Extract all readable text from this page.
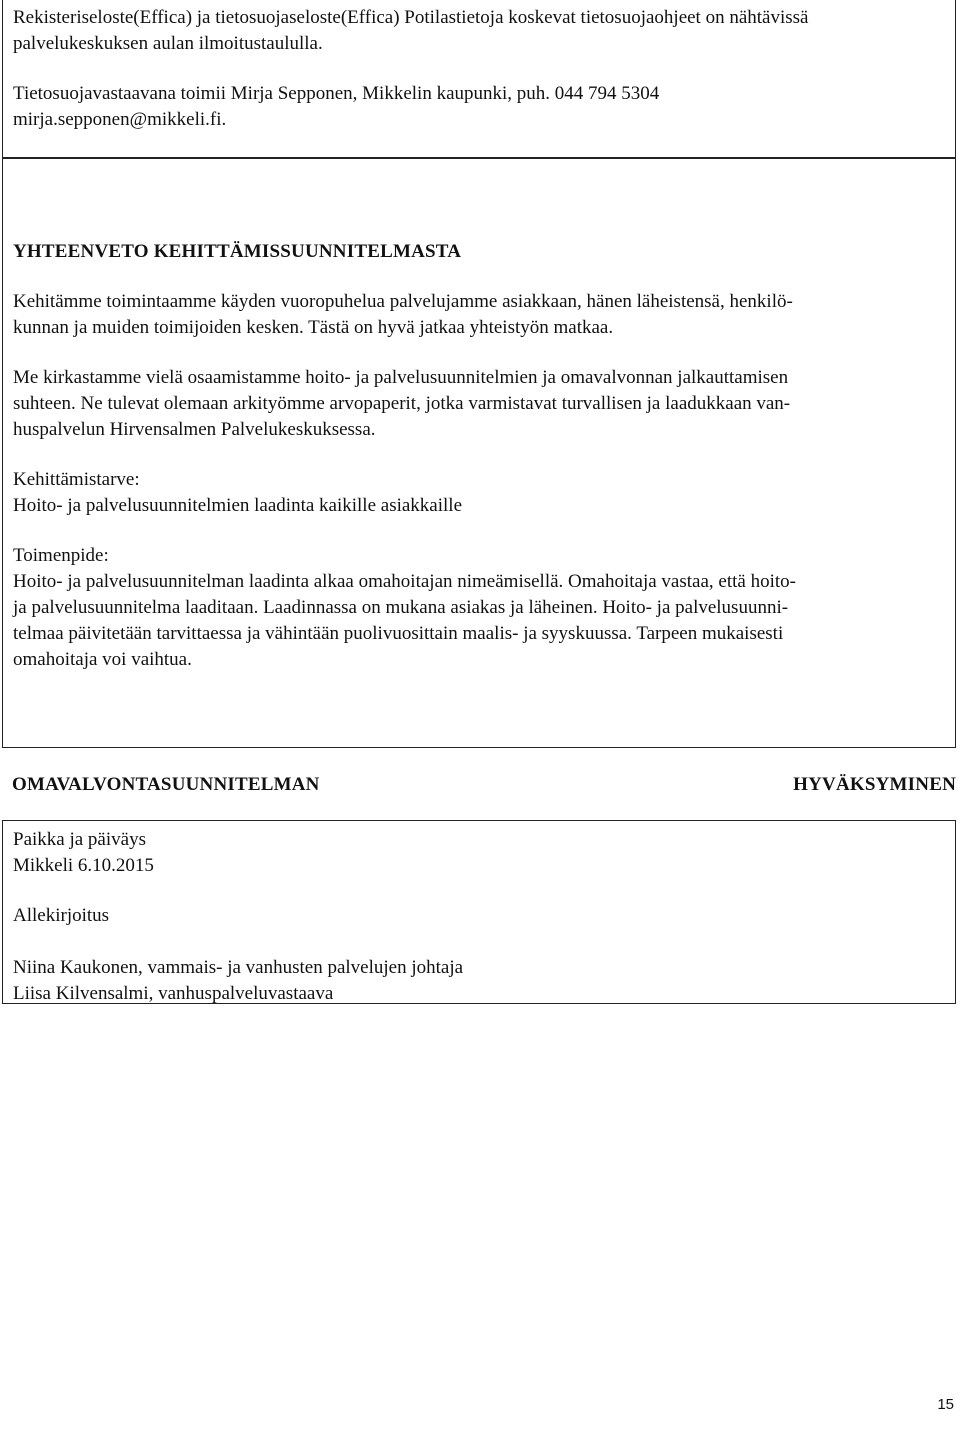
Rekisteriseloste(Effica) ja tietosuojaseloste(Effica) Potilastietoja koskevat tietosuojaohjeet on nähtävissä
palvelukeskuksen aulan ilmoitustaululla.
Tietosuojavastaavana toimii Mirja Sepponen, Mikkelin kaupunki, puh. 044 794 5304
mirja.sepponen@mikkeli.fi.
YHTEENVETO KEHITTÄMISSUUNNITELMASTA
Kehitämme toimintaamme käyden vuoropuhelua palvelujamme asiakkaan, hänen läheistensä, henkilö-
kunnan ja muiden toimijoiden kesken. Tästä on hyvä jatkaa yhteistyön matkaa.
Me kirkastamme vielä osaamistamme hoito- ja palvelusuunnitelmien ja omavalvonnan jalkauttamisen
suhteen. Ne tulevat olemaan arkityömme arvopaperit, jotka varmistavat turvallisen ja laadukkaan van-
huspalvelun Hirvensalmen Palvelukeskuksessa.
Kehittämistarve:
Hoito- ja palvelusuunnitelmien laadinta kaikille asiakkaille
Toimenpide:
Hoito- ja palvelusuunnitelman laadinta alkaa omahoitajan nimeämisellä. Omahoitaja vastaa, että hoito-
ja palvelusuunnitelma laaditaan. Laadinnassa on mukana asiakas ja läheinen. Hoito- ja palvelusuunni-
telmaa päivitetään tarvittaessa ja vähintään puolivuosittain maalis- ja syyskuussa. Tarpeen mukaisesti
omahoitaja voi vaihtua.
OMAVALVONTASUUNNITELMAN	HYVÄKSYMINEN
Paikka ja päiväys
Mikkeli 6.10.2015
Allekirjoitus
Niina Kaukonen, vammais- ja vanhusten palvelujen johtaja
Liisa Kilvensalmi, vanhuspalveluvastaava
15
